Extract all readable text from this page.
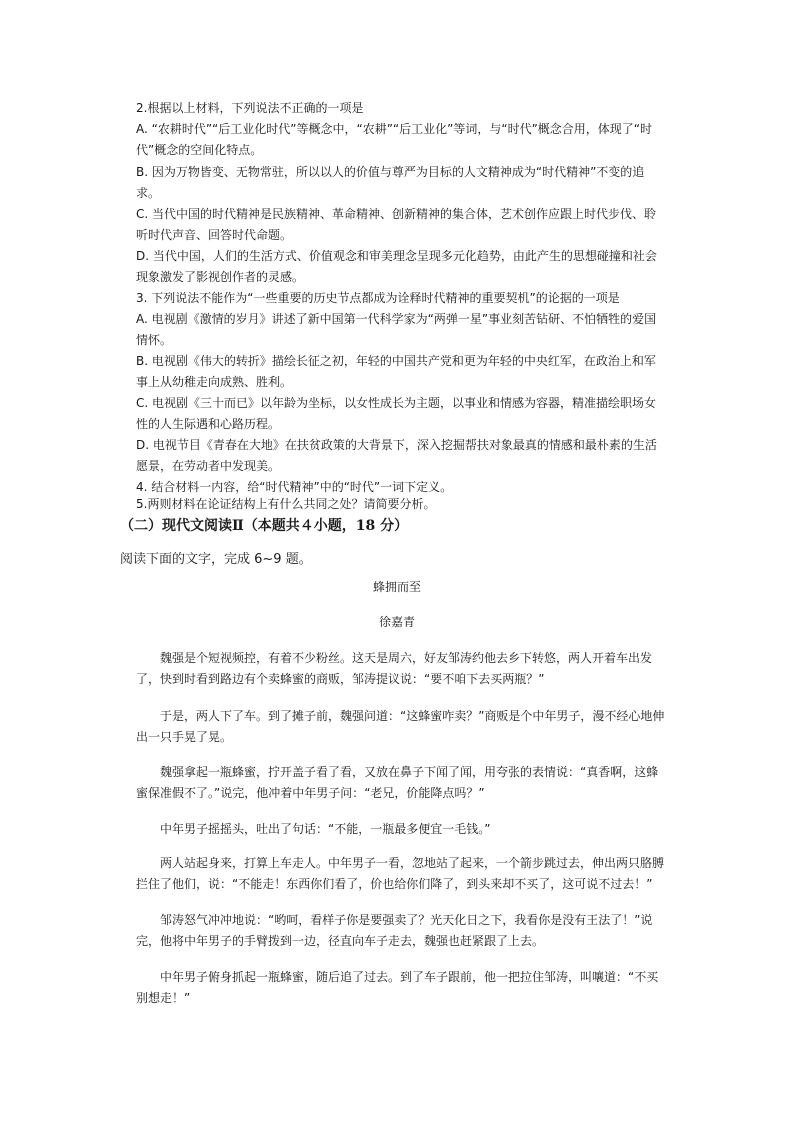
2.根据以上材料，下列说法不正确的一项是

A. “农耕时代”“后工业化时代”等概念中，“农耕”“后工业化”等词，与“时代”概念合用，体现了“时代”概念的空间化特点。

B. 因为万物皆变、无物常驻，所以以人的价值与尊严为目标的人文精神成为“时代精神”不变的追求。

C. 当代中国的时代精神是民族精神、革命精神、创新精神的集合体，艺术创作应跟上时代步伐、聆听时代声音、回答时代命题。

D. 当代中国，人们的生活方式、价值观念和审美理念呈现多元化趋势，由此产生的思想碰撞和社会现象激发了影视创作者的灵感。

3. 下列说法不能作为“一些重要的历史节点都成为诠释时代精神的重要契机”的论据的一项是

A. 电视剧《激情的岁月》讲述了新中国第一代科学家为“两弹一星”事业刻苦钻研、不怕牺牲的爱国情怀。

B. 电视剧《伟大的转折》描绘长征之初，年轻的中国共产党和更为年轻的中央红军，在政治上和军事上从幼稚走向成熟、胜利。

C. 电视剧《三十而已》以年龄为坐标，以女性成长为主题，以事业和情感为容器，精准描绘职场女性的人生际遇和心路历程。

D. 电视节目《青春在大地》在扶贫政策的大背景下，深入挖掘帮扶对象最真的情感和最朴素的生活愿景，在劳动者中发现美。

4. 结合材料一内容，给“时代精神”中的“时代”一词下定义。

5.两则材料在论证结构上有什么共同之处？请简要分析。

（二）现代文阅读Ⅱ（本题共４小题，18 分）

阅读下面的文字，完成 6~9 题。

蜂拥而至

徐嘉青

魏强是个短视频控，有着不少粉丝。这天是周六，好友邹涛约他去乡下转悠，两人开着车出发了，快到时看到路边有个卖蜂蜜的商贩，邹涛提议说：“要不咱下去买两瓶？”

于是，两人下了车。到了摊子前，魏强问道：“这蜂蜜咋卖？”商贩是个中年男子，漫不经心地伸出一只手晃了晃。

魏强拿起一瓶蜂蜜，拧开盖子看了看，又放在鼻子下闻了闻，用夸张的表情说：“真香啊，这蜂蜜保准假不了。”说完，他冲着中年男子问：“老兄，价能降点吗？”

中年男子摇摇头，吐出了句话：“不能，一瓶最多便宜一毛钱。”

两人站起身来，打算上车走人。中年男子一看，忽地站了起来，一个箭步跳过去，伸出两只胳膊拦住了他们，说：“不能走！东西你们看了，价也给你们降了，到头来却不买了，这可说不过去！”

邹涛怒气冲冲地说：“哟呵，看样子你是要强卖了？光天化日之下，我看你是没有王法了！”说完，他将中年男子的手臂拨到一边，径直向车子走去，魏强也赶紧跟了上去。

中年男子俯身抓起一瓶蜂蜜，随后追了过去。到了车子跟前，他一把拉住邹涛，叫嚷道：“不买别想走！”
